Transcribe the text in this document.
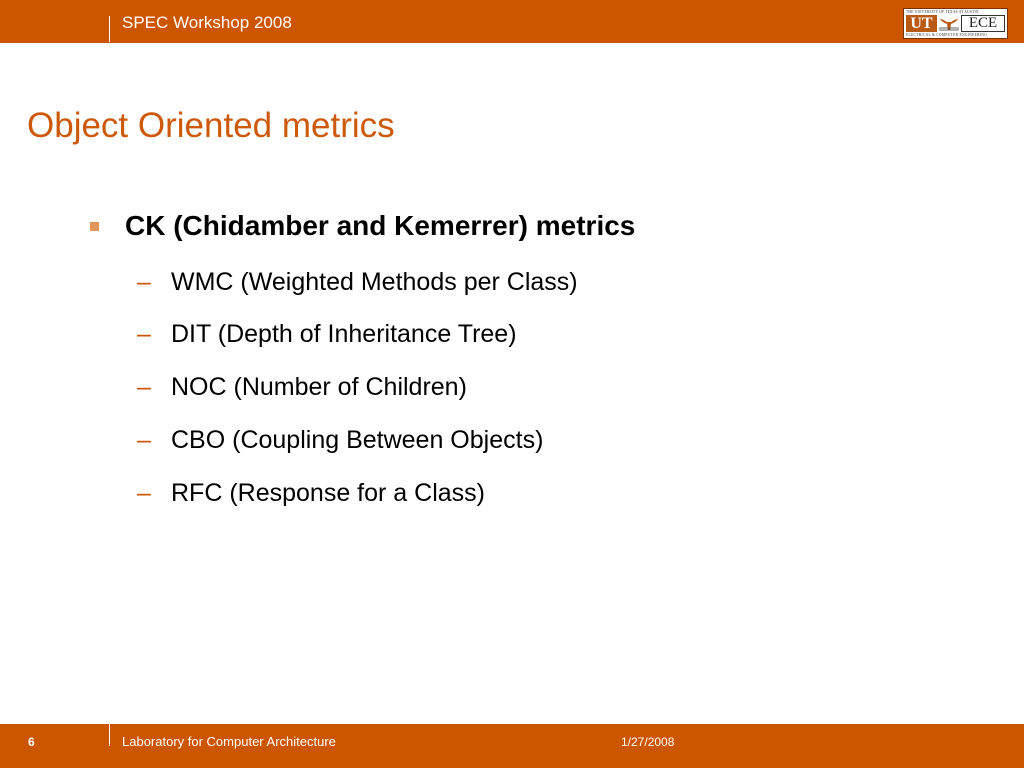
SPEC Workshop 2008
THE UNIVERSITY OF TEXAS AT AUSTIN
UT	ECE
ELECTRICAL & COMPUTER ENGINEERING
Object Oriented metrics
CK (Chidamber and Kemerrer) metrics
– WMC (Weighted Methods per Class)
– DIT (Depth of Inheritance Tree)
– NOC (Number of Children)
– CBO (Coupling Between Objects)
– RFC (Response for a Class)
6	Laboratory for Computer Architecture	1/27/2008
